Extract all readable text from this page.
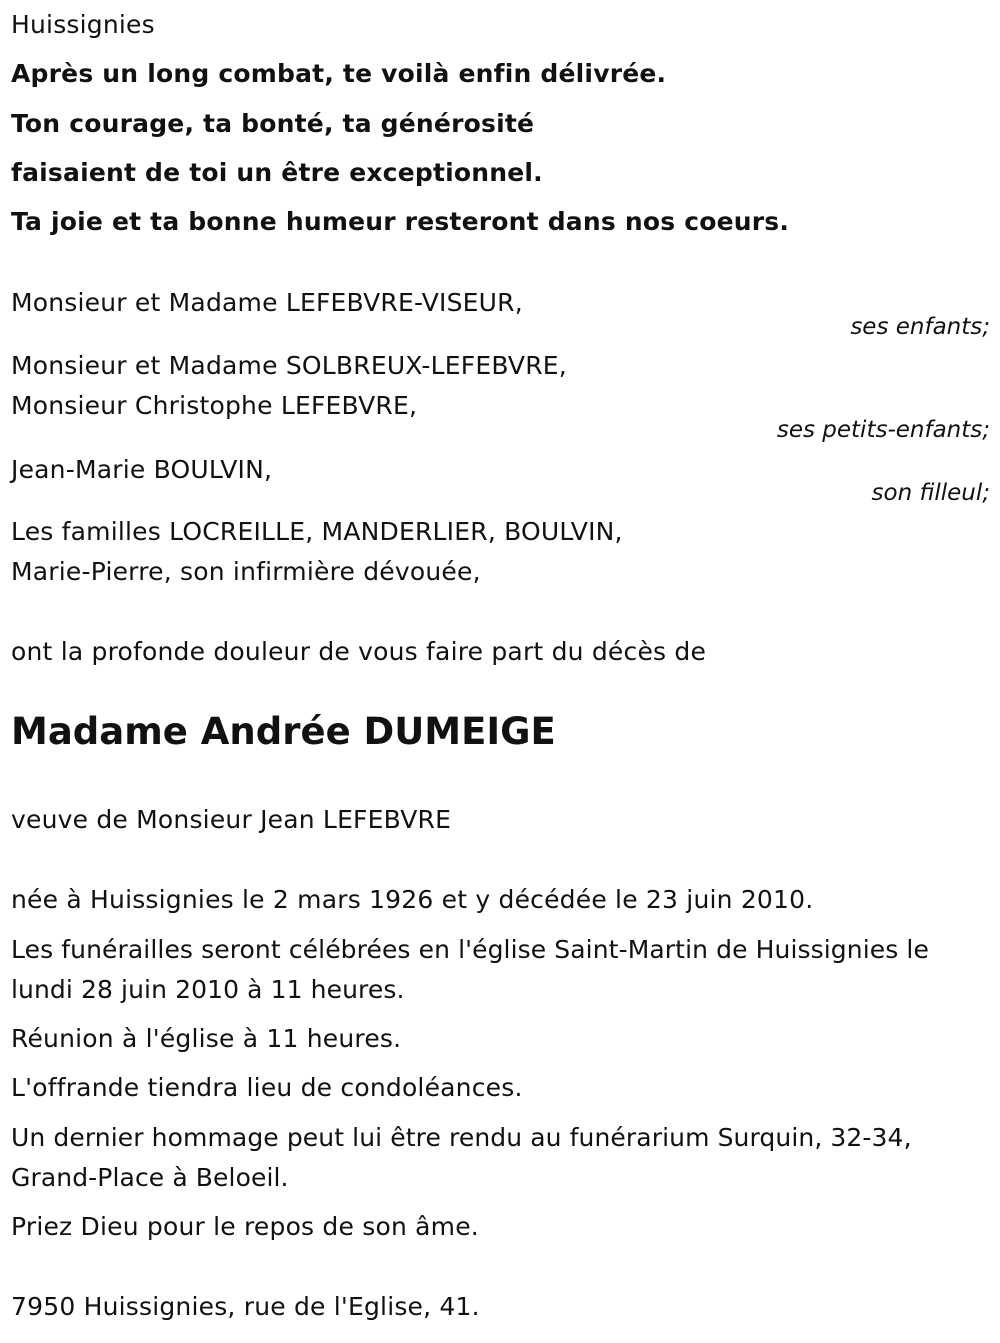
Huissignies
Après un long combat, te voilà enfin délivrée.
Ton courage, ta bonté, ta générosité
faisaient de toi un être exceptionnel.
Ta joie et ta bonne humeur resteront dans nos coeurs.
Monsieur et Madame LEFEBVRE-VISEUR,
ses enfants;
Monsieur et Madame SOLBREUX-LEFEBVRE,
Monsieur Christophe LEFEBVRE,
ses petits-enfants;
Jean-Marie BOULVIN,
son filleul;
Les familles LOCREILLE, MANDERLIER, BOULVIN,
Marie-Pierre, son infirmière dévouée,
ont la profonde douleur de vous faire part du décès de
Madame Andrée DUMEIGE
veuve de Monsieur Jean LEFEBVRE
née à Huissignies le 2 mars 1926 et y décédée le 23 juin 2010.
Les funérailles seront célébrées en l'église Saint-Martin de Huissignies le lundi 28 juin 2010 à 11 heures.
Réunion à l'église à 11 heures.
L'offrande tiendra lieu de condoléances.
Un dernier hommage peut lui être rendu au funérarium Surquin, 32-34, Grand-Place à Beloeil.
Priez Dieu pour le repos de son âme.
7950 Huissignies, rue de l'Eglise, 41.
